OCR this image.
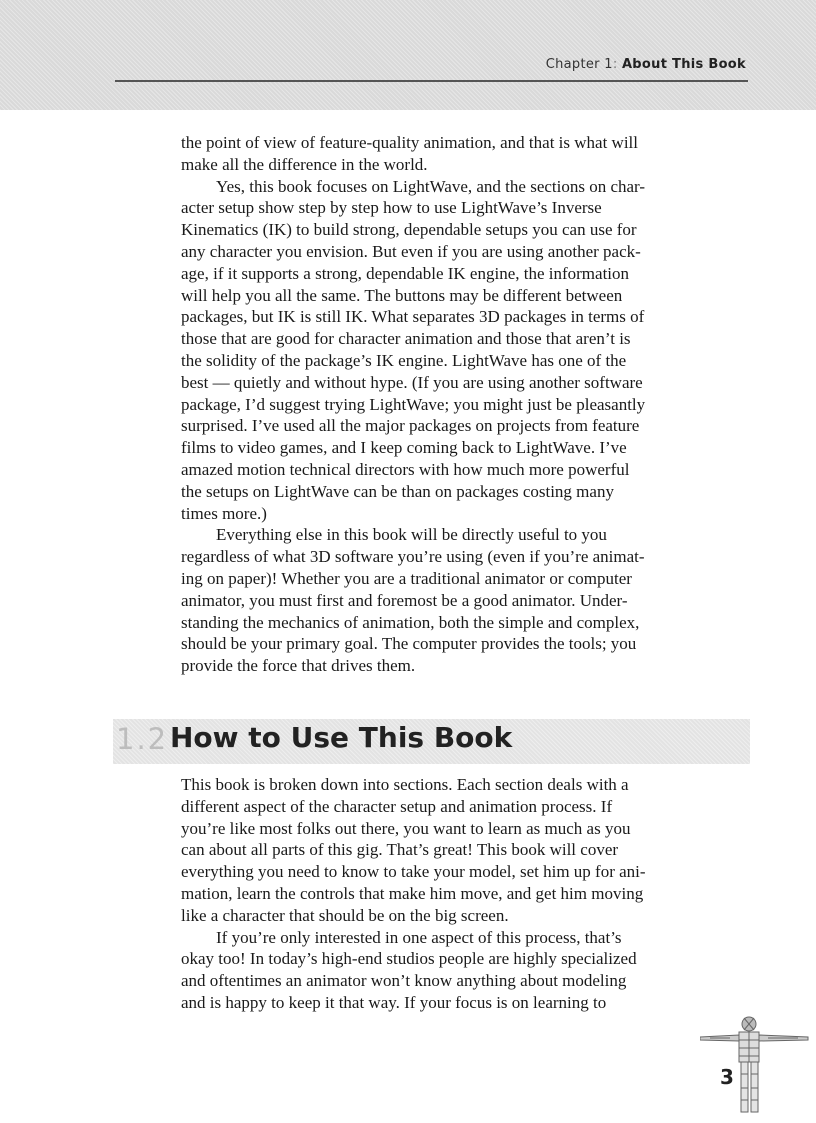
Chapter 1: About This Book

the point of view of feature-quality animation, and that is what will

make all the difference in the world.

Yes, this book focuses on LightWave, and the sections on char-

acter setup show step by step how to use LightWave’s Inverse

Kinematics (IK) to build strong, dependable setups you can use for

any character you envision. But even if you are using another pack-

age, if it supports a strong, dependable IK engine, the information

will help you all the same. The buttons may be different between

packages, but IK is still IK. What separates 3D packages in terms of

those that are good for character animation and those that aren’t is

the solidity of the package’s IK engine. LightWave has one of the

best — quietly and without hype. (If you are using another software

package, I’d suggest trying LightWave; you might just be pleasantly

surprised. I’ve used all the major packages on projects from feature

films to video games, and I keep coming back to LightWave. I’ve

amazed motion technical directors with how much more powerful

the setups on LightWave can be than on packages costing many

times more.)

Everything else in this book will be directly useful to you

regardless of what 3D software you’re using (even if you’re animat-

ing on paper)! Whether you are a traditional animator or computer

animator, you must first and foremost be a good animator. Under-

standing the mechanics of animation, both the simple and complex,

should be your primary goal. The computer provides the tools; you

provide the force that drives them.

1.2 How to Use This Book

This book is broken down into sections. Each section deals with a

different aspect of the character setup and animation process. If

you’re like most folks out there, you want to learn as much as you

can about all parts of this gig. That’s great! This book will cover

everything you need to know to take your model, set him up for ani-

mation, learn the controls that make him move, and get him moving

like a character that should be on the big screen.

If you’re only interested in one aspect of this process, that’s

okay too! In today’s high-end studios people are highly specialized

and oftentimes an animator won’t know anything about modeling

and is happy to keep it that way. If your focus is on learning to

3
